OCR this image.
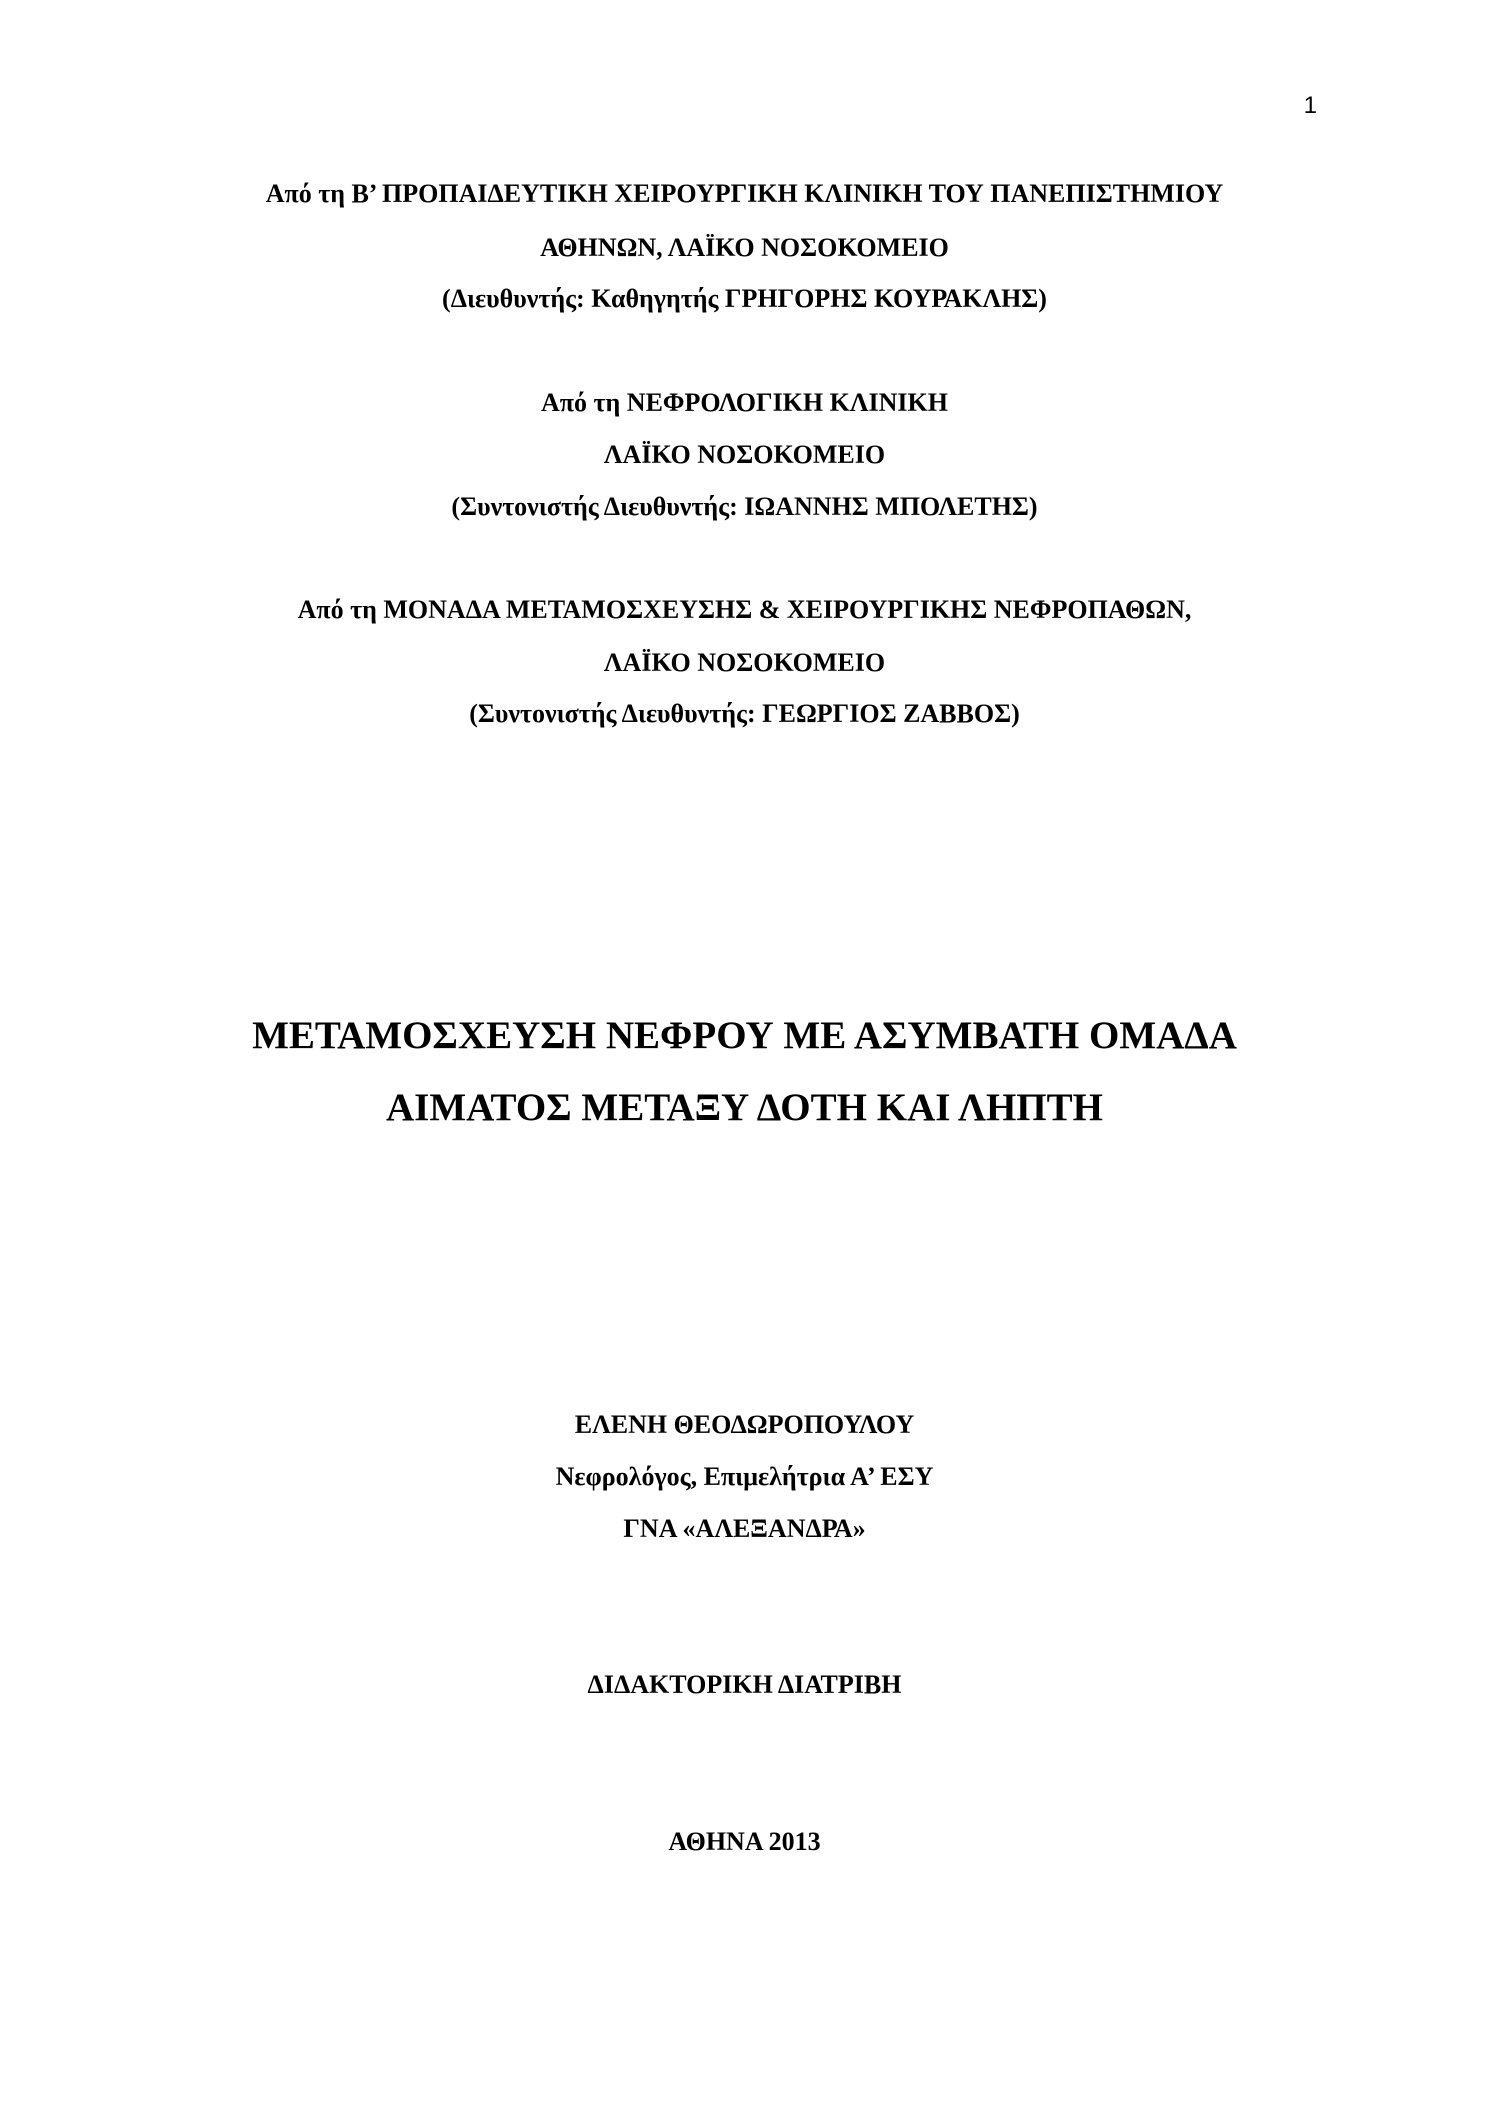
1
Από τη Β’ ΠΡΟΠΑΙΔΕΥΤΙΚΗ ΧΕΙΡΟΥΡΓΙΚΗ ΚΛΙΝΙΚΗ ΤΟΥ ΠΑΝΕΠΙΣΤΗΜΙΟΥ
ΑΘΗΝΩΝ, ΛΑΪΚΟ ΝΟΣΟΚΟΜΕΙΟ
(Διευθυντής: Καθηγητής ΓΡΗΓΟΡΗΣ ΚΟΥΡΑΚΛΗΣ)
Από τη ΝΕΦΡΟΛΟΓΙΚΗ ΚΛΙΝΙΚΗ
ΛΑΪΚΟ ΝΟΣΟΚΟΜΕΙΟ
(Συντονιστής Διευθυντής: ΙΩΑΝΝΗΣ ΜΠΟΛΕΤΗΣ)
Από τη ΜΟΝΑΔΑ ΜΕΤΑΜΟΣΧΕΥΣΗΣ & ΧΕΙΡΟΥΡΓΙΚΗΣ ΝΕΦΡΟΠΑΘΩΝ,
ΛΑΪΚΟ ΝΟΣΟΚΟΜΕΙΟ
(Συντονιστής Διευθυντής: ΓΕΩΡΓΙΟΣ ΖΑΒΒΟΣ)
ΜΕΤΑΜΟΣΧΕΥΣΗ ΝΕΦΡΟΥ ΜΕ ΑΣΥΜΒΑΤΗ ΟΜΑΔΑ
ΑΙΜΑΤΟΣ ΜΕΤΑΞΥ ΔΟΤΗ ΚΑΙ ΛΗΠΤΗ
ΕΛΕΝΗ ΘΕΟΔΩΡΟΠΟΥΛΟΥ
Νεφρολόγος, Επιμελήτρια Α’ ΕΣΥ
ΓΝΑ «ΑΛΕΞΑΝΔΡΑ»
ΔΙΔΑΚΤΟΡΙΚΗ ΔΙΑΤΡΙΒΗ
ΑΘΗΝΑ 2013
